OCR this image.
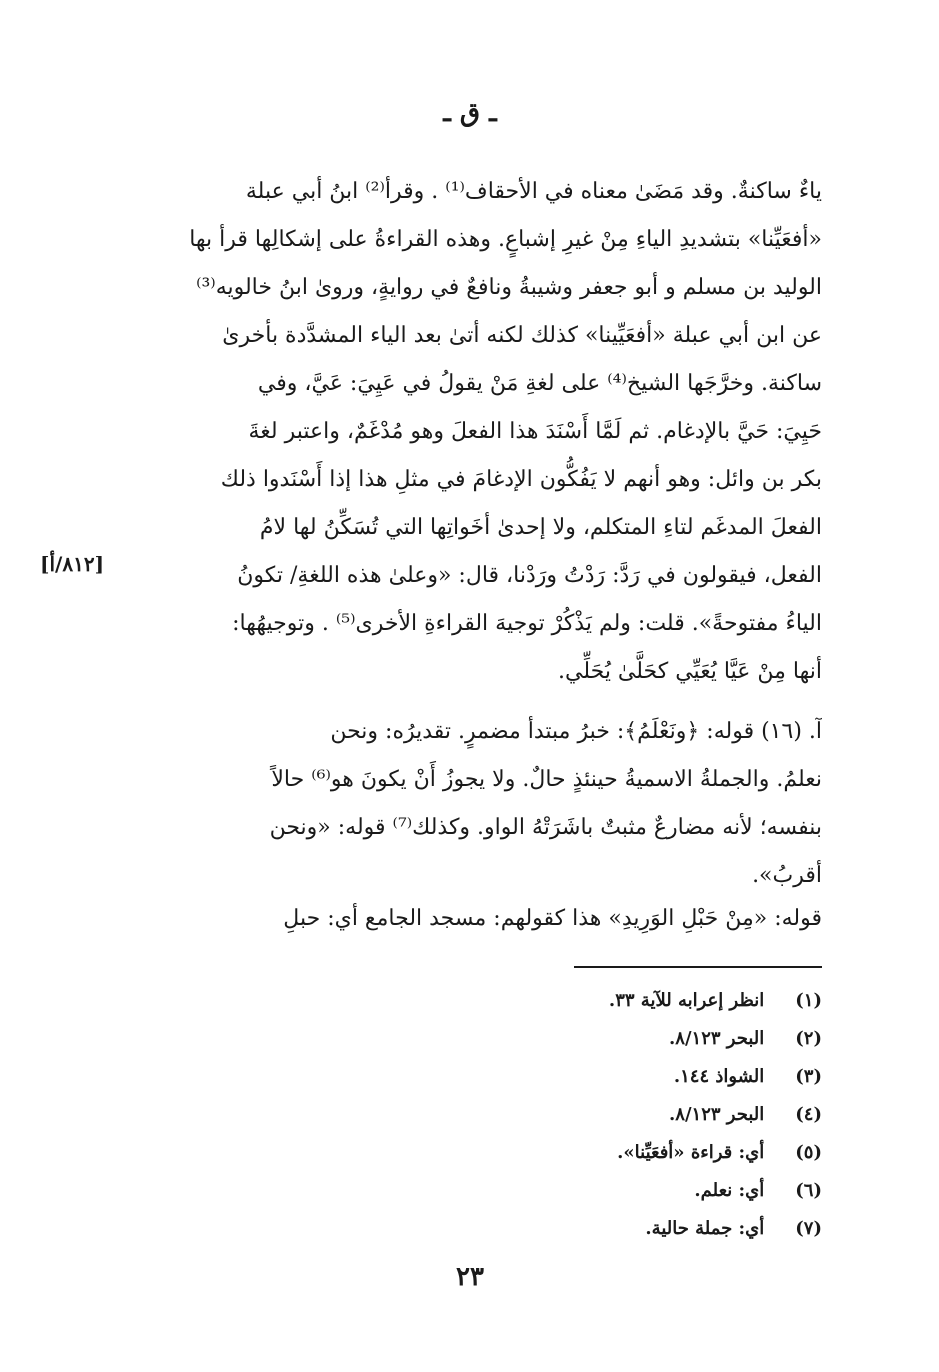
ـ ق ـ
ياءٌ ساكنةٌ. وقد مَضَىٰ معناه في الأحقاف⁽¹⁾ . وقرأ⁽²⁾ ابنُ أبي عبلة
«أفعَيِّنا» بتشديدِ الياءِ مِنْ غيرِ إشباعٍ. وهذه القراءةُ على إشكالِها قرأ بها
الوليد بن مسلم و أبو جعفر وشيبةُ ونافعٌ في روايةٍ، وروىٰ ابنُ خالويه⁽³⁾
عن ابن أبي عبلة «أفعَيِّينا» كذلك لكنه أتىٰ بعد الياء المشدَّدة بأخرىٰ
ساكنة. وخرَّجَها الشيخ⁽⁴⁾ على لغةِ مَنْ يقولُ في عَيِيَ: عَيَّ، وفي
حَيِيَ: حَيَّ بالإدغام. ثم لَمَّا أَسْنَدَ هذا الفعلَ وهو مُدْغَمٌ، واعتبر لغةَ
بكر بن وائل: وهو أنهم لا يَفُكُّون الإدغامَ في مثلِ هذا إذا أَسْنَدوا ذلك
الفعلَ المدغَم لتاءِ المتكلم، ولا إحدىٰ أخَواتِها التي تُسَكِّنُ لها لامُ
الفعل، فيقولون في رَدَّ: رَدْتُ ورَدْنا، قال: «وعلىٰ هذه اللغةِ/ تكونُ
الياءُ مفتوحةً». قلت: ولم يَذْكُرْ توجيهَ القراءةِ الأخرى⁽⁵⁾ . وتوجيهُها:
أنها مِنْ عَيَّا يُعَيِّي كحَلَّىٰ يُحَلِّي.
[٨١٢/أ]
آ. (١٦) قوله: ﴿ونَعْلَمُ﴾: خبرُ مبتدأ مضمرٍ. تقديرُه: ونحن
نعلمُ. والجملةُ الاسميةُ حينئذٍ حالٌ. ولا يجوزُ أَنْ يكونَ هو⁽⁶⁾ حالاً
بنفسه؛ لأنه مضارعٌ مثبتٌ باشَرَتْهُ الواو. وكذلك⁽⁷⁾ قوله: «ونحن
أقربُ».
قوله: «مِنْ حَبْلِ الوَرِيدِ» هذا كقولهم: مسجد الجامع أي: حبلِ
(١) انظر إعرابه للآية ٣٣.
(٢) البحر ٨/١٢٣.
(٣) الشواذ ١٤٤.
(٤) البحر ٨/١٢٣.
(٥) أي: قراءة «أفعَيِّنا».
(٦) أي: نعلم.
(٧) أي: جملة حالية.
٢٣
